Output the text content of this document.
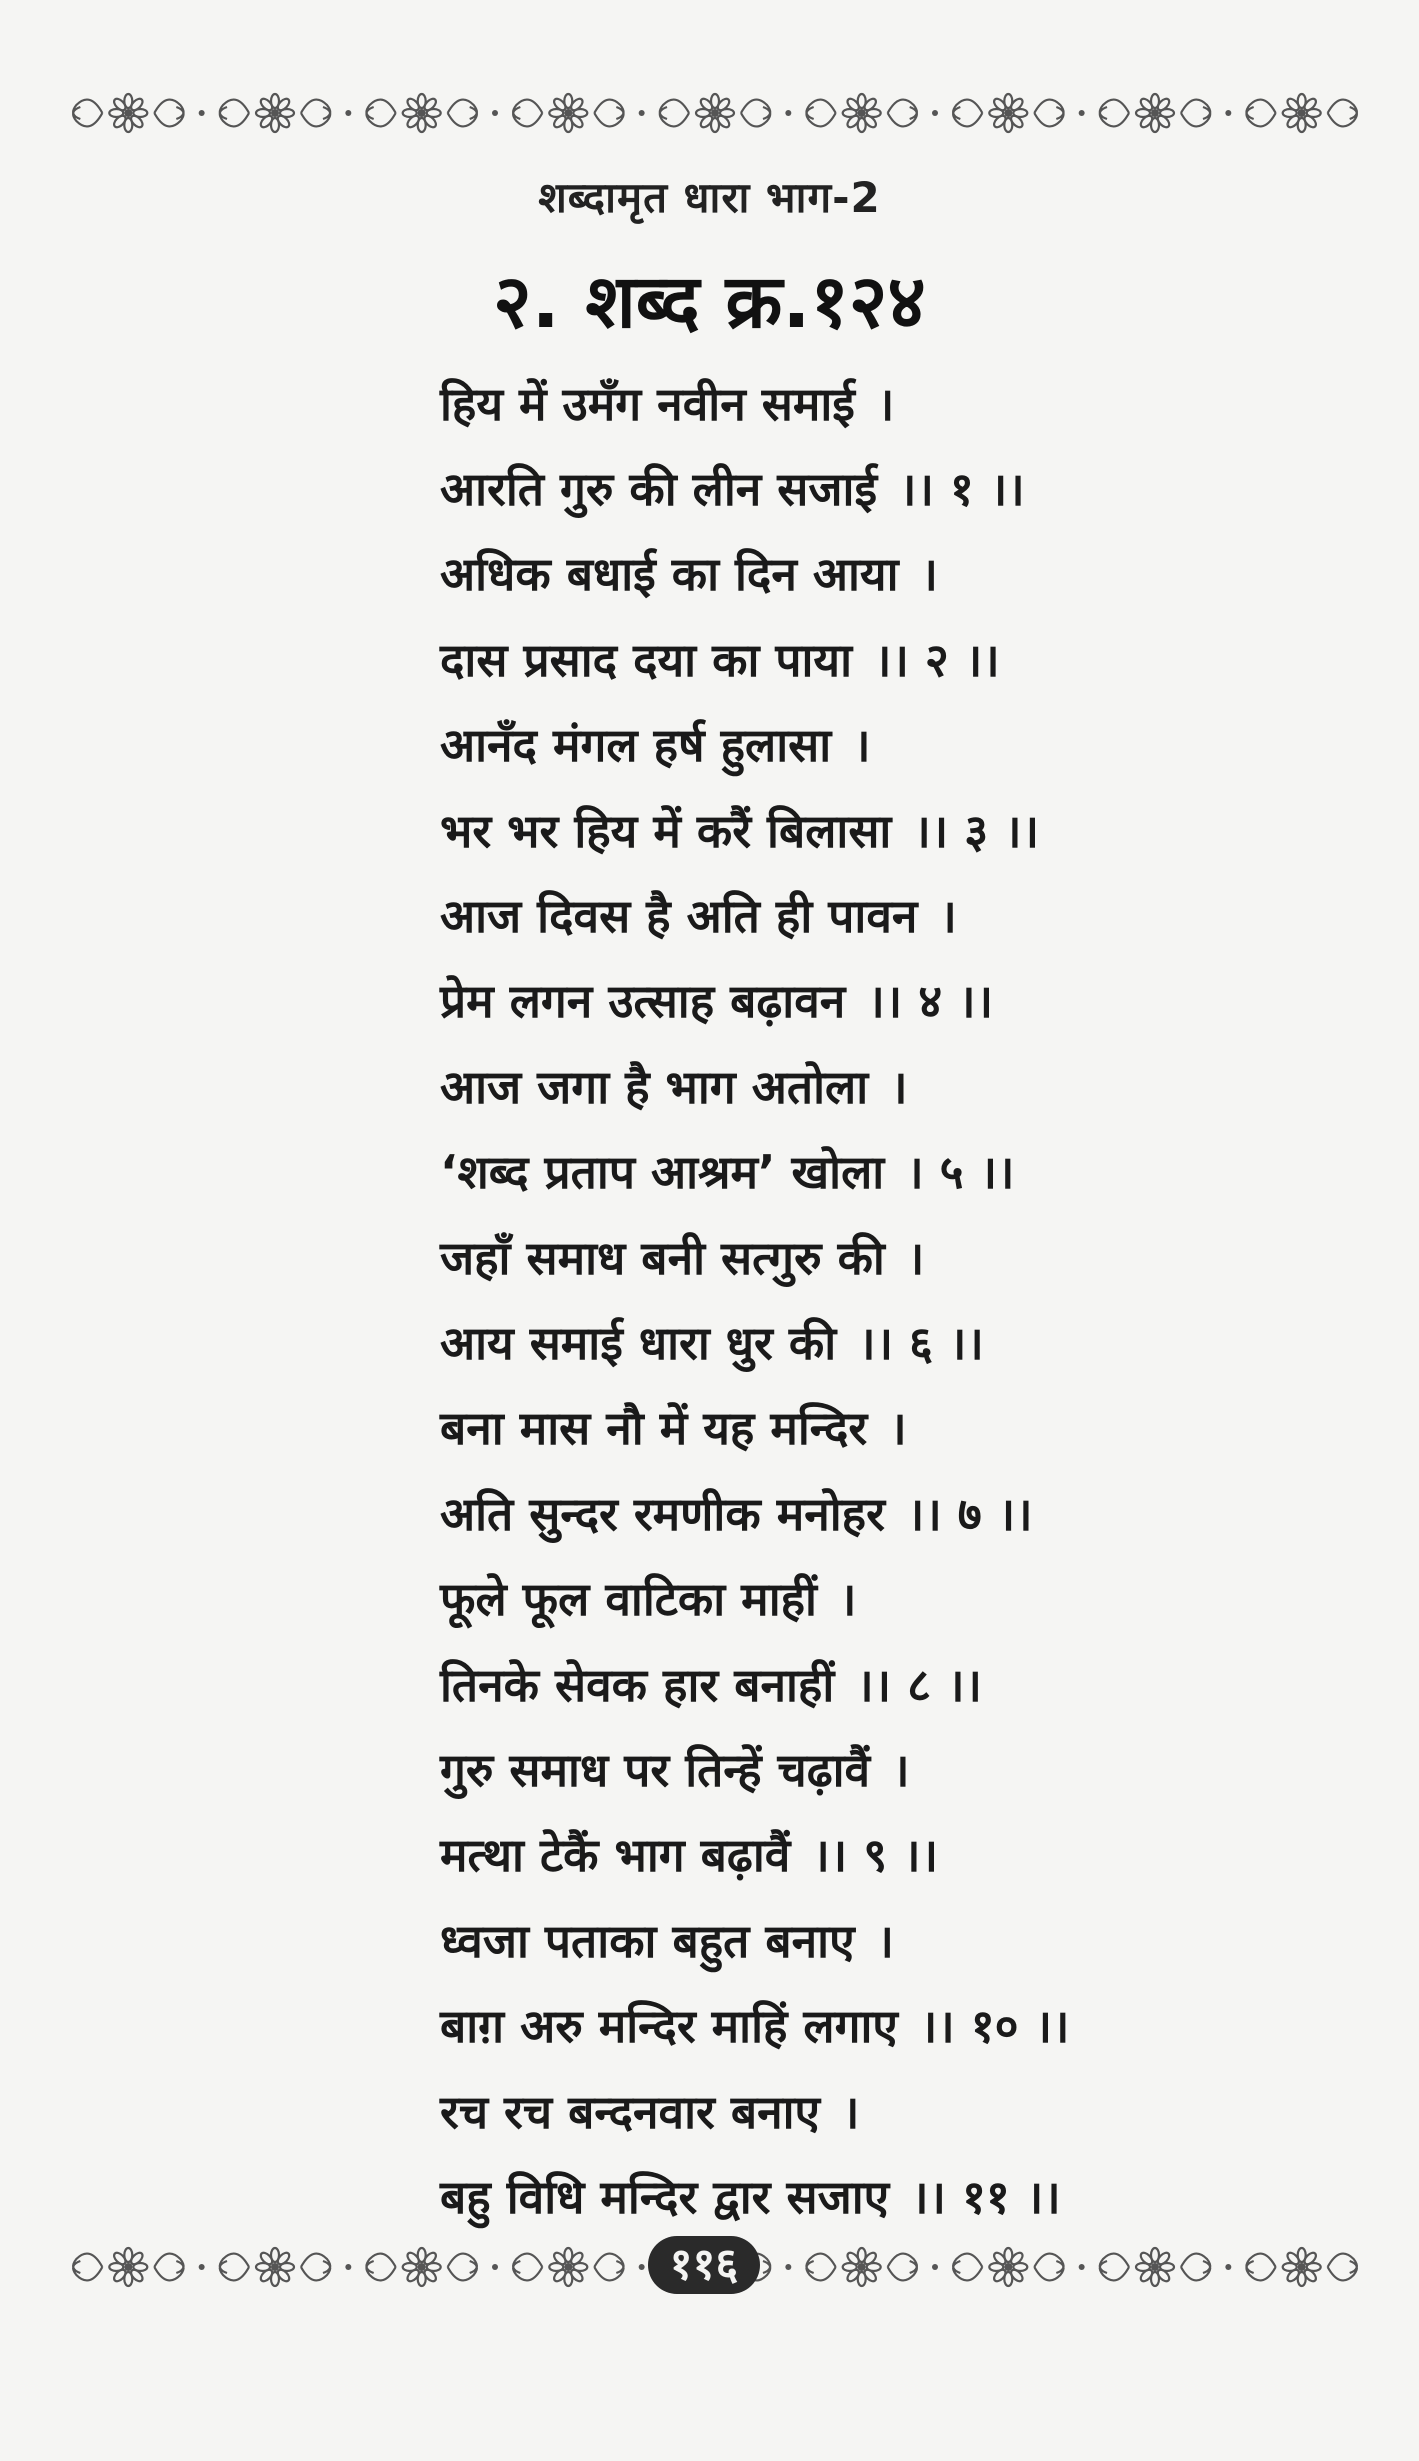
शब्दामृत धारा भाग-2
२. शब्द क्र.१२४
हिय में उमँग नवीन समाई ।
आरति गुरु की लीन सजाई ।। १ ।।
अधिक बधाई का दिन आया ।
दास प्रसाद दया का पाया ।। २ ।।
आनँद मंगल हर्ष हुलासा ।
भर भर हिय में करैं बिलासा ।। ३ ।।
आज दिवस है अति ही पावन ।
प्रेम लगन उत्साह बढ़ावन ।। ४ ।।
आज जगा है भाग अतोला ।
‘शब्द प्रताप आश्रम’ खोला । ५ ।।
जहाँ समाध बनी सत्गुरु की ।
आय समाई धारा धुर की ।। ६ ।।
बना मास नौ में यह मन्दिर ।
अति सुन्दर रमणीक मनोहर ।। ७ ।।
फूले फूल वाटिका माहीं ।
तिनके सेवक हार बनाहीं ।। ८ ।।
गुरु समाध पर तिन्हें चढ़ावैं ।
मत्था टेकैं भाग बढ़ावैं ।। ९ ।।
ध्वजा पताका बहुत बनाए ।
बाग़ अरु मन्दिर माहिं लगाए ।। १० ।।
रच रच बन्दनवार बनाए ।
बहु विधि मन्दिर द्वार सजाए ।। ११ ।।
११६
